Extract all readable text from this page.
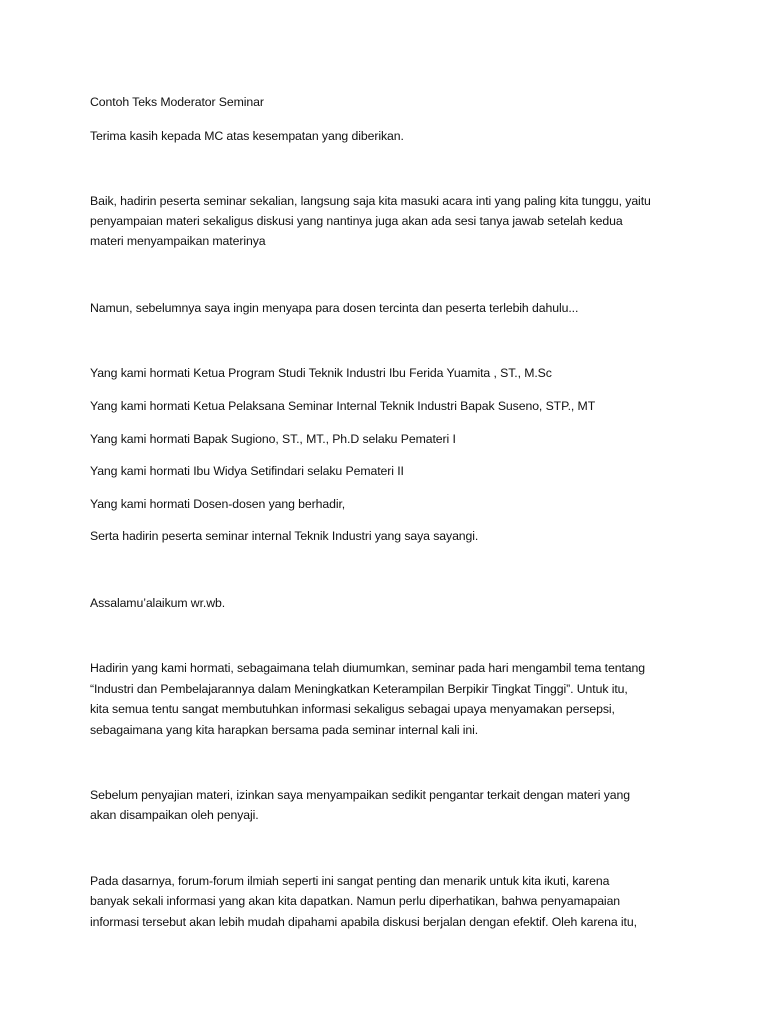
Contoh Teks Moderator Seminar

Terima kasih kepada MC atas kesempatan yang diberikan.

Baik, hadirin peserta seminar sekalian, langsung saja kita masuki acara inti yang paling kita tunggu, yaitu

penyampaian materi sekaligus diskusi yang nantinya juga akan ada sesi tanya jawab setelah kedua

materi menyampaikan materinya

Namun, sebelumnya saya ingin menyapa para dosen tercinta dan peserta terlebih dahulu...

Yang kami hormati Ketua Program Studi Teknik Industri Ibu Ferida Yuamita , ST., M.Sc

Yang kami hormati Ketua Pelaksana Seminar Internal Teknik Industri Bapak Suseno, STP., MT

Yang kami hormati Bapak Sugiono, ST., MT., Ph.D selaku Pemateri I

Yang kami hormati Ibu Widya Setifindari selaku Pemateri II

Yang kami hormati Dosen-dosen yang berhadir,

Serta hadirin peserta seminar internal Teknik Industri yang saya sayangi.

Assalamu’alaikum wr.wb.

Hadirin yang kami hormati, sebagaimana telah diumumkan, seminar pada hari mengambil tema tentang

“Industri dan Pembelajarannya dalam Meningkatkan Keterampilan Berpikir Tingkat Tinggi”. Untuk itu,

kita semua tentu sangat membutuhkan informasi sekaligus sebagai upaya menyamakan persepsi,

sebagaimana yang kita harapkan bersama pada seminar internal kali ini.

Sebelum penyajian materi, izinkan saya menyampaikan sedikit pengantar terkait dengan materi yang

akan disampaikan oleh penyaji.

Pada dasarnya, forum-forum ilmiah seperti ini sangat penting dan menarik untuk kita ikuti, karena

banyak sekali informasi yang akan kita dapatkan. Namun perlu diperhatikan, bahwa penyamapaian

informasi tersebut akan lebih mudah dipahami apabila diskusi berjalan dengan efektif. Oleh karena itu,
